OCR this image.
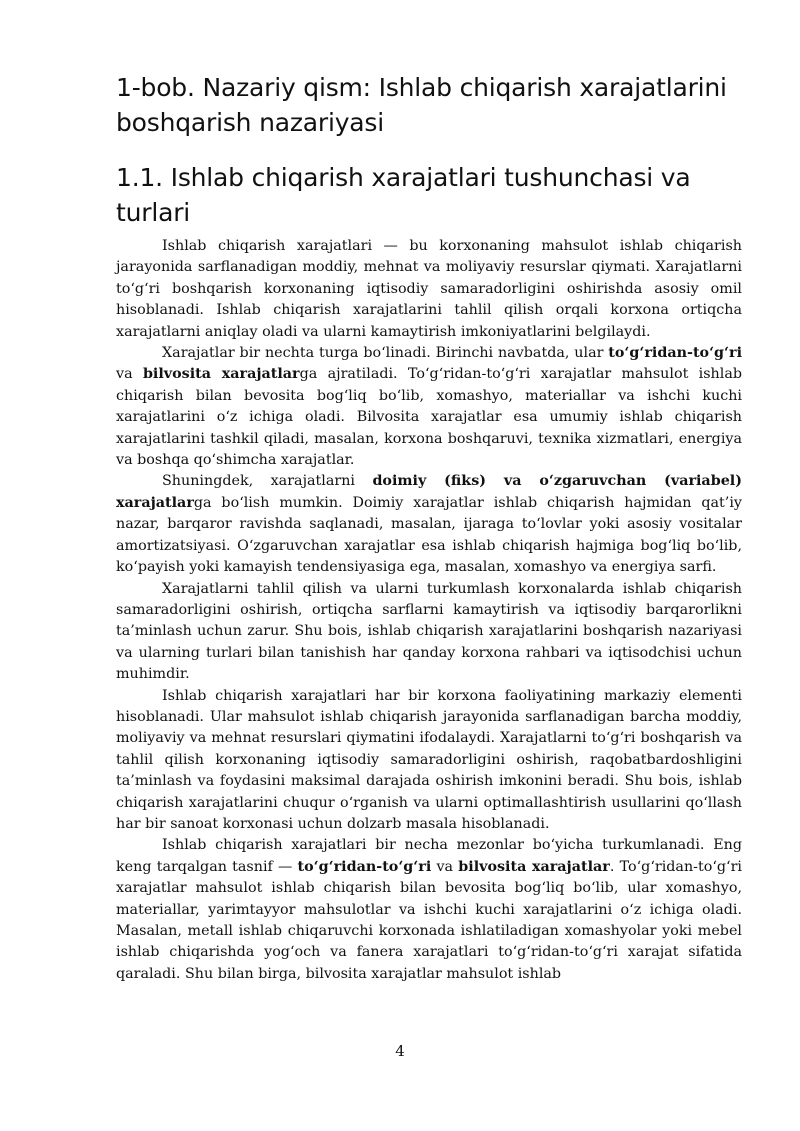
1-bob. Nazariy qism: Ishlab chiqarish xarajatlarini boshqarish nazariyasi
1.1. Ishlab chiqarish xarajatlari tushunchasi va turlari

Ishlab chiqarish xarajatlari — bu korxonaning mahsulot ishlab chiqarish jarayonida sarflanadigan moddiy, mehnat va moliyaviy resurslar qiymati. Xarajatlarni to‘g‘ri boshqarish korxonaning iqtisodiy samaradorligini oshirishda asosiy omil hisoblanadi. Ishlab chiqarish xarajatlarini tahlil qilish orqali korxona ortiqcha xarajatlarni aniqlay oladi va ularni kamaytirish imkoniyatlarini belgilaydi.

Xarajatlar bir nechta turga bo‘linadi. Birinchi navbatda, ular to‘g‘ridan-to‘g‘ri va bilvosita xarajatlarga ajratiladi. To‘g‘ridan-to‘g‘ri xarajatlar mahsulot ishlab chiqarish bilan bevosita bog‘liq bo‘lib, xomashyo, materiallar va ishchi kuchi xarajatlarini o‘z ichiga oladi. Bilvosita xarajatlar esa umumiy ishlab chiqarish xarajatlarini tashkil qiladi, masalan, korxona boshqaruvi, texnika xizmatlari, energiya va boshqa qo‘shimcha xarajatlar.

Shuningdek, xarajatlarni doimiy (fiks) va o‘zgaruvchan (variabel) xarajatlarga bo‘lish mumkin. Doimiy xarajatlar ishlab chiqarish hajmidan qat’iy nazar, barqaror ravishda saqlanadi, masalan, ijaraga to‘lovlar yoki asosiy vositalar amortizatsiyasi. O‘zgaruvchan xarajatlar esa ishlab chiqarish hajmiga bog‘liq bo‘lib, ko‘payish yoki kamayish tendensiyasiga ega, masalan, xomashyo va energiya sarfi.

Xarajatlarni tahlil qilish va ularni turkumlash korxonalarda ishlab chiqarish samaradorligini oshirish, ortiqcha sarflarni kamaytirish va iqtisodiy barqarorlikni ta’minlash uchun zarur. Shu bois, ishlab chiqarish xarajatlarini boshqarish nazariyasi va ularning turlari bilan tanishish har qanday korxona rahbari va iqtisodchisi uchun muhimdir.

Ishlab chiqarish xarajatlari har bir korxona faoliyatining markaziy elementi hisoblanadi. Ular mahsulot ishlab chiqarish jarayonida sarflanadigan barcha moddiy, moliyaviy va mehnat resurslari qiymatini ifodalaydi. Xarajatlarni to‘g‘ri boshqarish va tahlil qilish korxonaning iqtisodiy samaradorligini oshirish, raqobatbardoshligini ta’minlash va foydasini maksimal darajada oshirish imkonini beradi. Shu bois, ishlab chiqarish xarajatlarini chuqur o‘rganish va ularni optimallashtirish usullarini qo‘llash har bir sanoat korxonasi uchun dolzarb masala hisoblanadi.

Ishlab chiqarish xarajatlari bir necha mezonlar bo‘yicha turkumlanadi. Eng keng tarqalgan tasnif — to‘g‘ridan-to‘g‘ri va bilvosita xarajatlar. To‘g‘ridan-to‘g‘ri xarajatlar mahsulot ishlab chiqarish bilan bevosita bog‘liq bo‘lib, ular xomashyo, materiallar, yarimtayyor mahsulotlar va ishchi kuchi xarajatlarini o‘z ichiga oladi. Masalan, metall ishlab chiqaruvchi korxonada ishlatiladigan xomashyolar yoki mebel ishlab chiqarishda yog‘och va fanera xarajatlari to‘g‘ridan-to‘g‘ri xarajat sifatida qaraladi. Shu bilan birga, bilvosita xarajatlar mahsulot ishlab

4
